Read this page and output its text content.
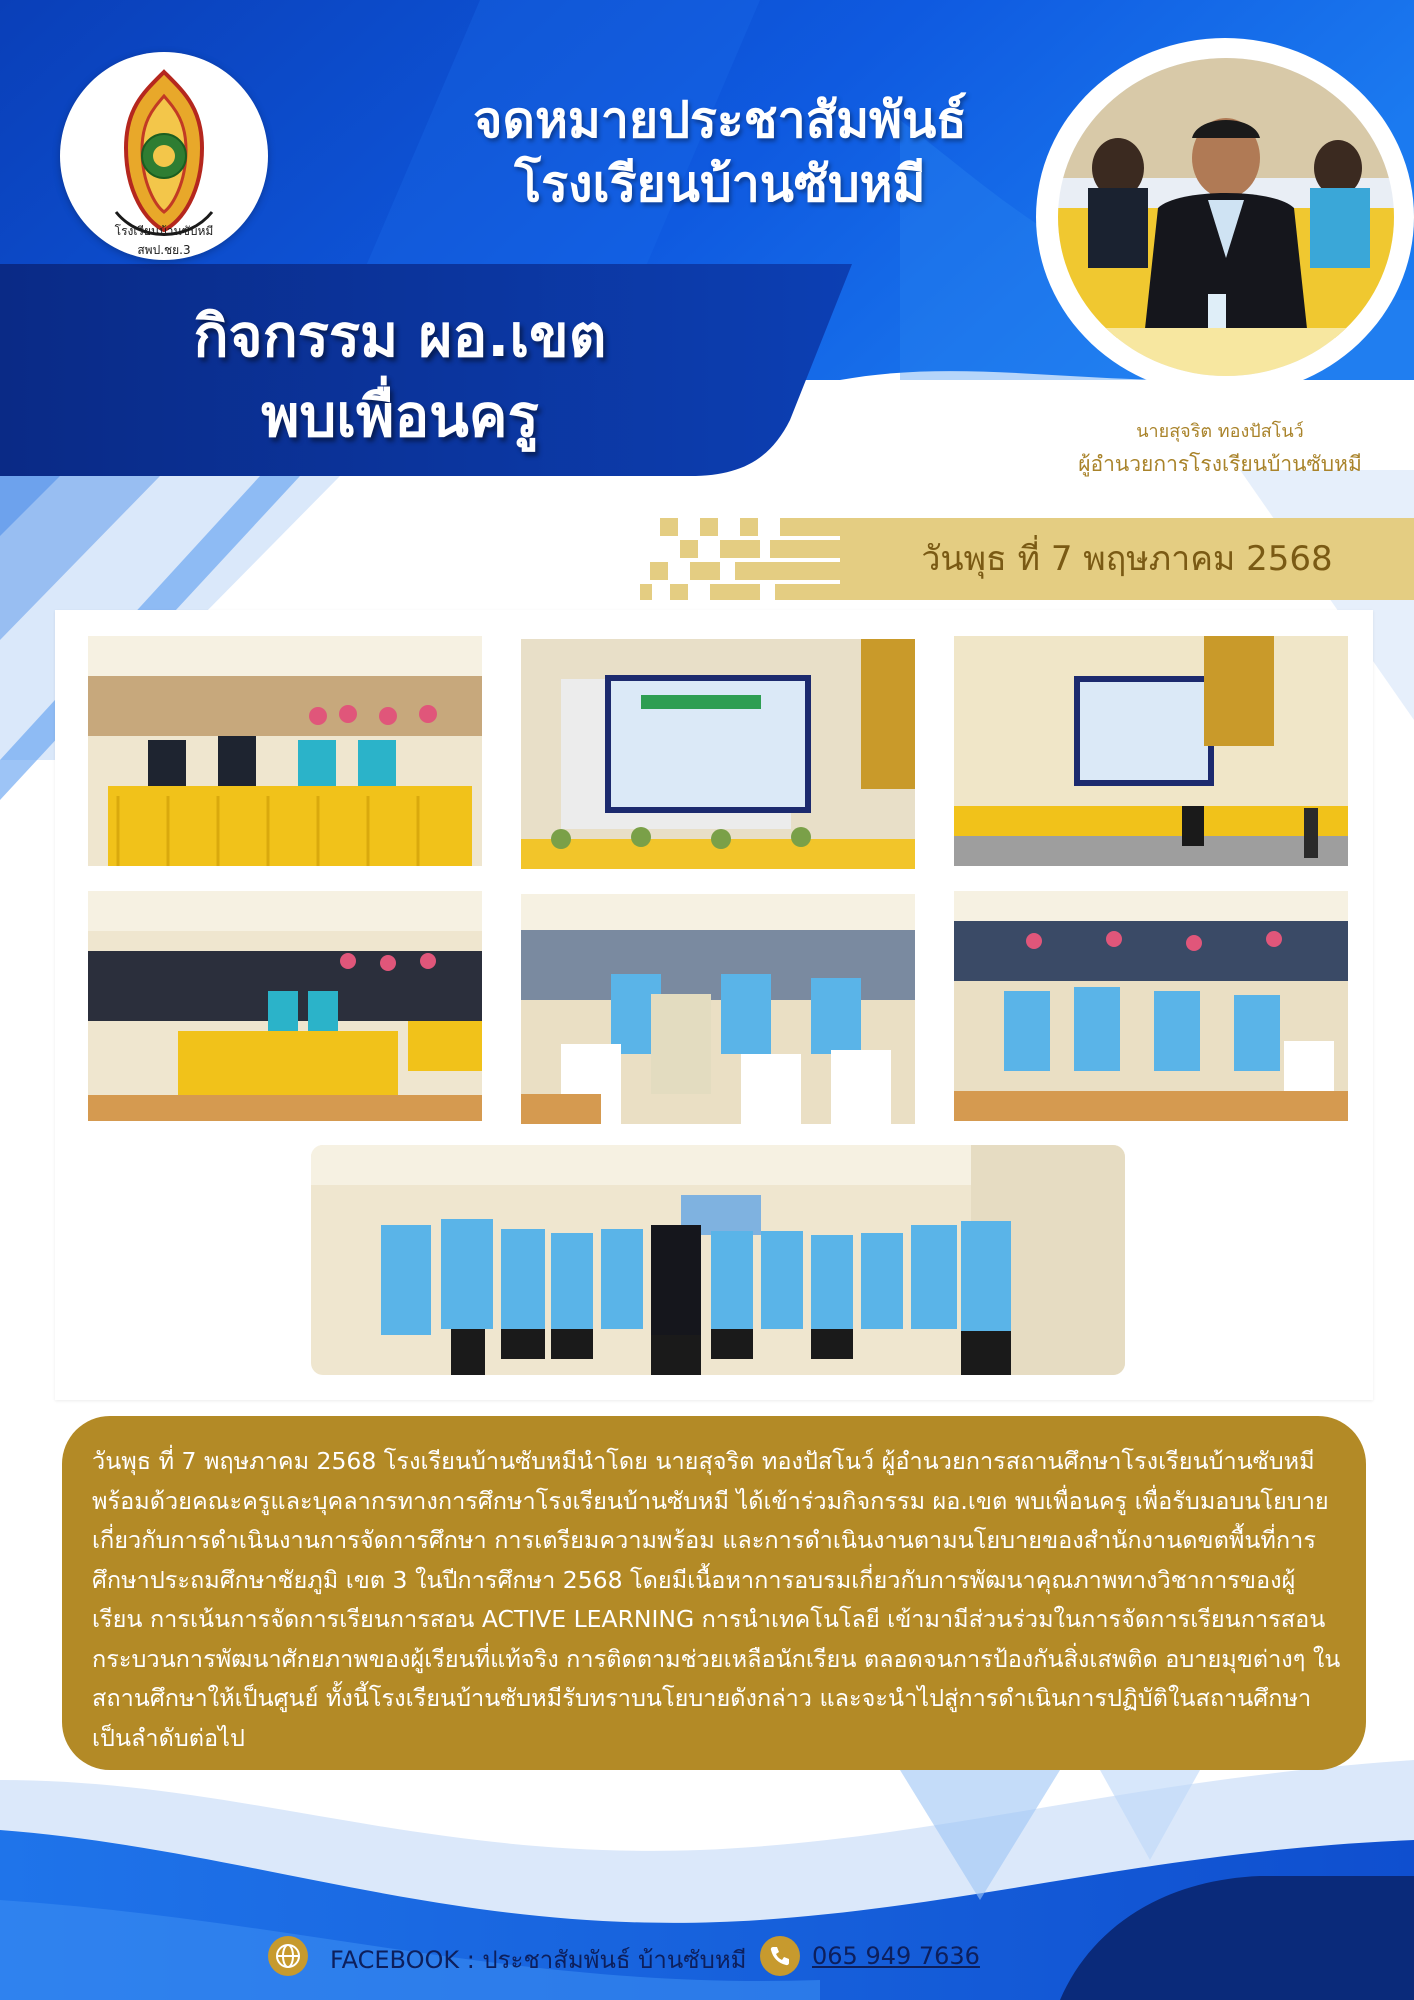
จดหมายประชาสัมพันธ์
โรงเรียนบ้านซับหมี
โรงเรียนบ้านซับหมี สพป.ชย.3
กิจกรรม ผอ.เขต
พบเพื่อนครู	นายสุจริต ทองปัสโนว์
ผู้อำนวยการโรงเรียนบ้านซับหมี
วันพุธ ที่ 7 พฤษภาคม 2568
วันพุธ ที่ 7 พฤษภาคม 2568 โรงเรียนบ้านซับหมีนำโดย นายสุจริต ทองปัสโนว์ ผู้อำนวยการสถานศึกษาโรงเรียนบ้านซับหมี พร้อมด้วยคณะครูและบุคลากรทางการศึกษาโรงเรียนบ้านซับหมี ได้เข้าร่วมกิจกรรม ผอ.เขต พบเพื่อนครู เพื่อรับมอบนโยบายเกี่ยวกับการดำเนินงานการจัดการศึกษา การเตรียมความพร้อม และการดำเนินงานตามนโยบายของสำนักงานดขตพื้นที่การศึกษาประถมศึกษาชัยภูมิ เขต 3 ในปีการศึกษา 2568 โดยมีเนื้อหาการอบรมเกี่ยวกับการพัฒนาคุณภาพทางวิชาการของผู้เรียน การเน้นการจัดการเรียนการสอน ACTIVE LEARNING การนำเทคโนโลยี เข้ามามีส่วนร่วมในการจัดการเรียนการสอน กระบวนการพัฒนาศักยภาพของผู้เรียนที่แท้จริง การติดตามช่วยเหลือนักเรียน ตลอดจนการป้องกันสิ่งเสพติด อบายมุขต่างๆ ในสถานศึกษาให้เป็นศูนย์ ทั้งนี้โรงเรียนบ้านซับหมีรับทราบนโยบายดังกล่าว และจะนำไปสู่การดำเนินการปฏิบัติในสถานศึกษาเป็นลำดับต่อไป
FACEBOOK : ประชาสัมพันธ์ บ้านซับหมี	065 949 7636
